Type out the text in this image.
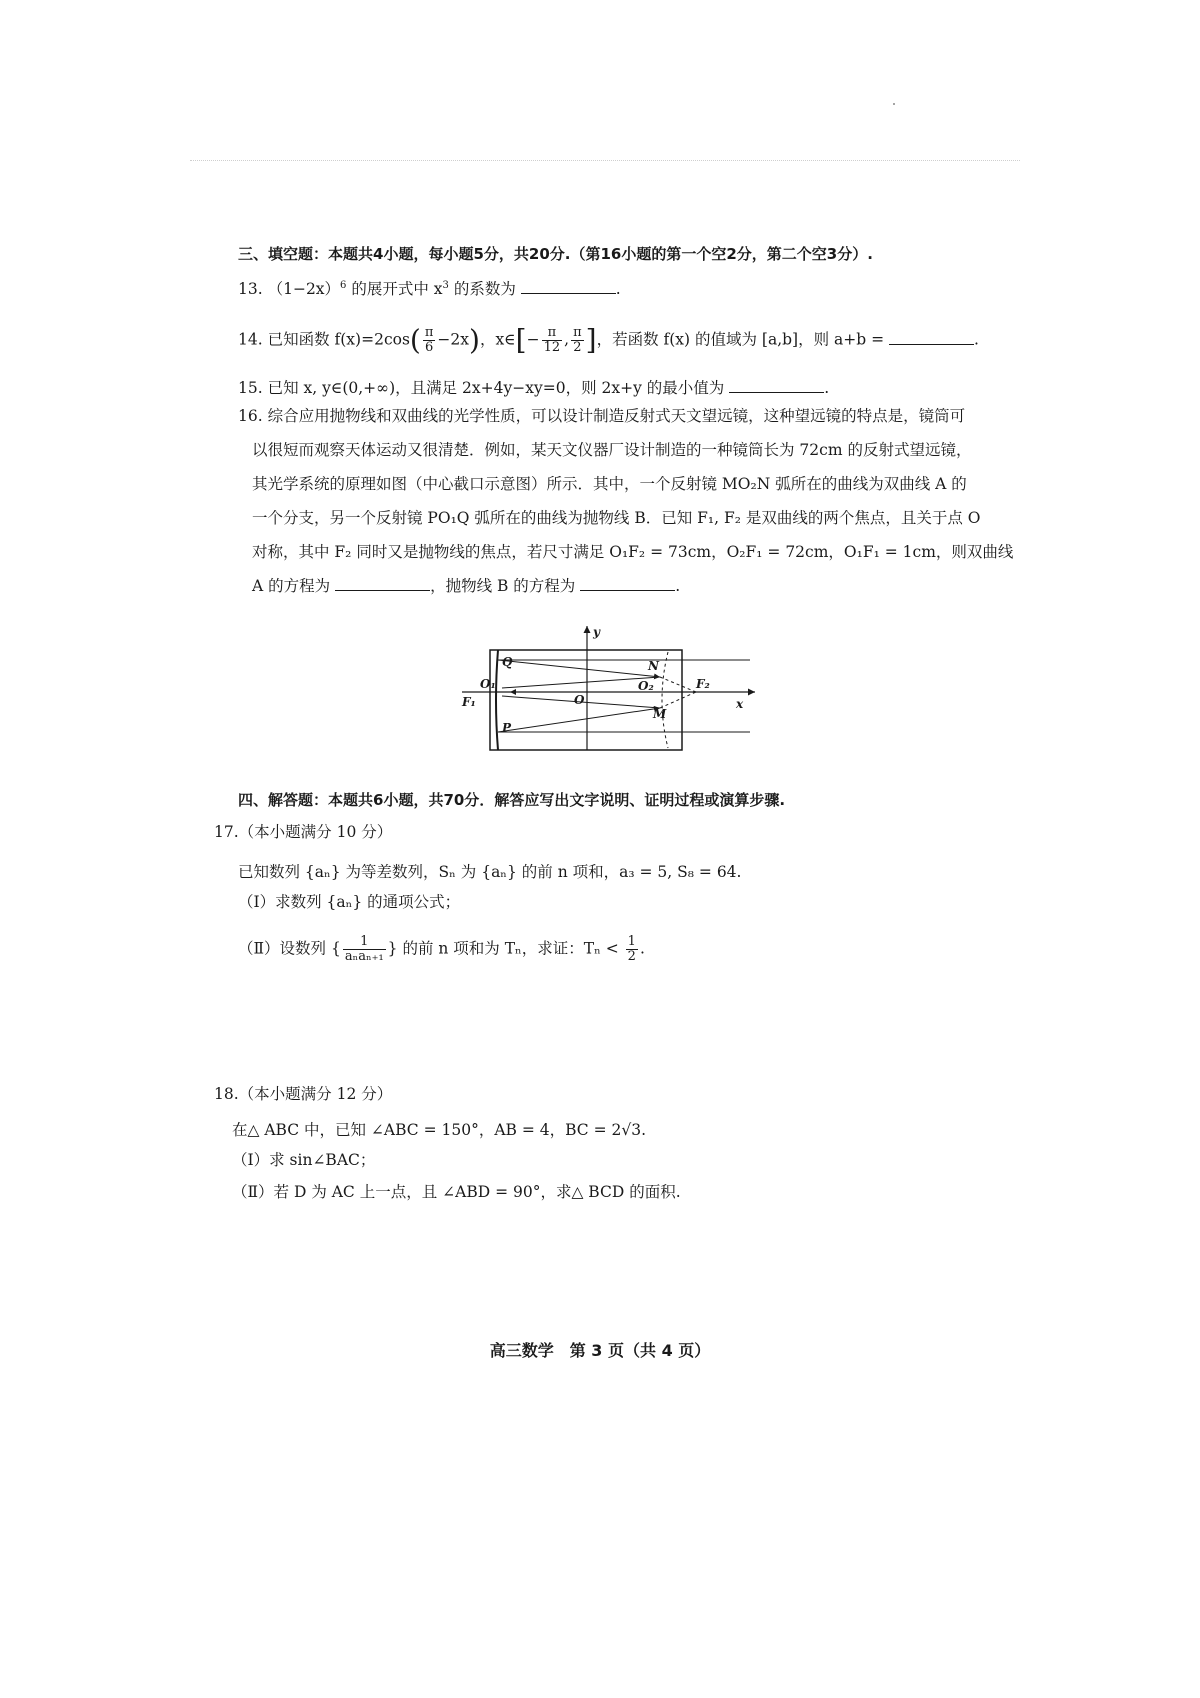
三、填空题：本题共4小题，每小题5分，共20分.（第16小题的第一个空2分，第二个空3分）.
13. $(1-2x)^6$ 的展开式中 $x^3$ 的系数为	.
14. 已知函数 $f(x)=2\cos( \frac{\pi}{6} -2x)$，x∈[− $\frac{\pi}{12}$ , $\frac{\pi}{2}$ ]，若函数 f(x) 的值域为 [a,b]，则 a+b =	.
15. 已知 x, y∈(0,+∞)，且满足 2x+4y−xy=0，则 2x+y 的最小值为	.
16. 综合应用抛物线和双曲线的光学性质，可以设计制造反射式天文望远镜，这种望远镜的特点是，镜筒可
以很短而观察天体运动又很清楚．例如，某天文仪器厂设计制造的一种镜筒长为 72cm 的反射式望远镜，
其光学系统的原理如图（中心截口示意图）所示．其中，一个反射镜 MO₂N 弧所在的曲线为双曲线 A 的
一个分支，另一个反射镜 PO₁Q 弧所在的曲线为抛物线 B．已知 F₁, F₂ 是双曲线的两个焦点，且关于点 O
对称，其中 F₂ 同时又是抛物线的焦点，若尺寸满足 O₁F₂ = 73cm，O₂F₁ = 72cm，O₁F₁ = 1cm，则双曲线
A 的方程为	，抛物线 B 的方程为	.
y
Q	N
O₁	O₂
F₁	O
F₂
x
M
P
四、解答题：本题共6小题，共70分．解答应写出文字说明、证明过程或演算步骤.
17.（本小题满分 10 分）
已知数列 {aₙ} 为等差数列，Sₙ 为 {aₙ} 的前 n 项和，a₃ = 5, S₈ = 64.
（Ⅰ）求数列 {aₙ} 的通项公式；
（Ⅱ）设数列 { $\frac{1}{\text{aₙaₙ₊₁}}$ } 的前 n 项和为 Tₙ，求证：$T_n < \frac{1}{2}$ .
18.（本小题满分 12 分）
在△ ABC 中，已知 ∠ABC = 150°，AB = 4，BC = 2√3.
（Ⅰ）求 sin∠BAC；
（Ⅱ）若 D 为 AC 上一点，且 ∠ABD = 90°，求△ BCD 的面积.
高三数学　第 3 页（共 4 页）
